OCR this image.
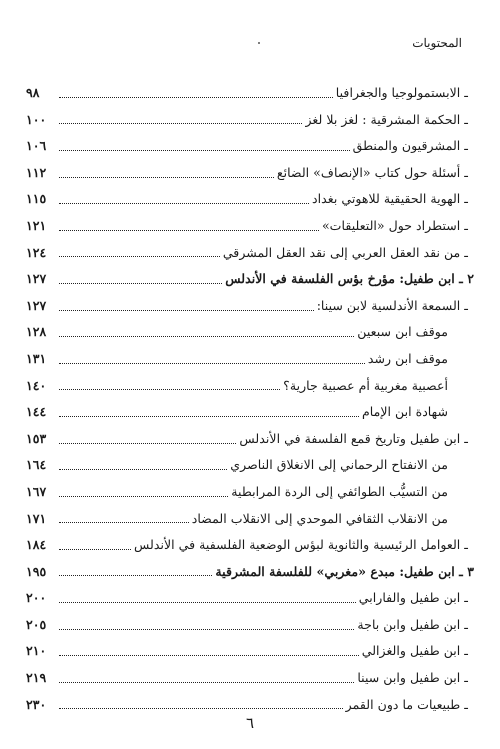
المحتويات
ـ الابستمولوجيا والجغرافيا
٩٨
ـ الحكمة المشرقية : لغز بلا لغز
١٠٠
ـ المشرقيون والمنطق
١٠٦
ـ أسئلة حول كتاب «الإنصاف» الضائع
١١٢
ـ الهوية الحقيقية للاهوتي بغداد
١١٥
ـ استطراد حول «التعليقات»
١٢١
ـ من نقد العقل العربي إلى نقد العقل المشرقي
١٢٤
٢ ـ ابن طفيل: مؤرخ بؤس الفلسفة في الأندلس
١٢٧
ـ السمعة الأندلسية لابن سينا:
١٢٧
موقف ابن سبعين
١٢٨
موقف ابن رشد
١٣١
أعصبية مغربية أم عصبية جارية؟
١٤٠
شهادة ابن الإمام
١٤٤
ـ ابن طفيل وتاريخ قمع الفلسفة في الأندلس
١٥٣
من الانفتاح الرحماني إلى الانغلاق الناصري
١٦٤
من التسيُّب الطوائفي إلى الردة المرابطية
١٦٧
من الانقلاب الثقافي الموحدي إلى الانقلاب المضاد
١٧١
ـ العوامل الرئيسية والثانوية لبؤس الوضعية الفلسفية في الأندلس
١٨٤
٣ ـ ابن طفيل: مبدع «مغربي» للفلسفة المشرقية
١٩٥
ـ ابن طفيل والفارابي
٢٠٠
ـ ابن طفيل وابن باجة
٢٠٥
ـ ابن طفيل والغزالي
٢١٠
ـ ابن طفيل وابن سينا
٢١٩
ـ طبيعيات ما دون القمر
٢٣٠
٦
